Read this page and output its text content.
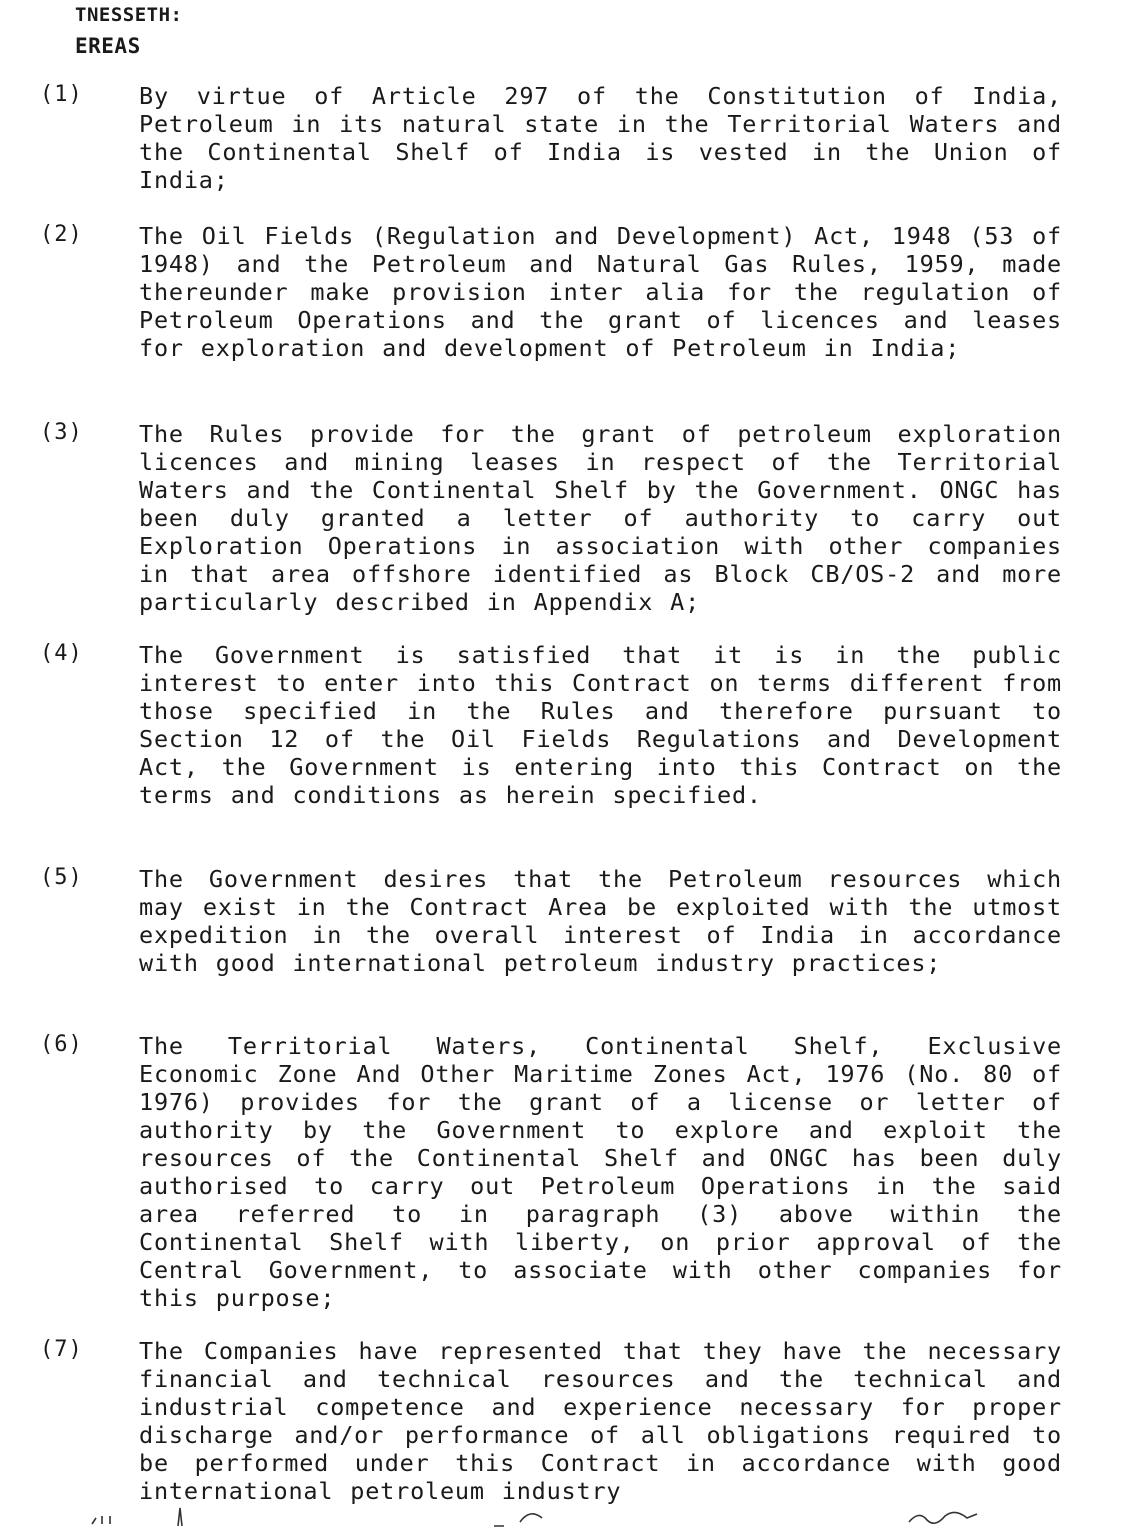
TNESSETH:
EREAS
(1)	By virtue of Article 297 of the Constitution of India, Petroleum in its natural state in the Territorial Waters and the Continental Shelf of India is vested in the Union of India;
(2)	The Oil Fields (Regulation and Development) Act, 1948 (53 of 1948) and the Petroleum and Natural Gas Rules, 1959, made thereunder make provision inter alia for the regulation of Petroleum Operations and the grant of licences and leases for exploration and development of Petroleum in India;
(3)	The Rules provide for the grant of petroleum exploration licences and mining leases in respect of the Territorial Waters and the Continental Shelf by the Government. ONGC has been duly granted a letter of authority to carry out Exploration Operations in association with other companies in that area offshore identified as Block CB/OS-2 and more particularly described in Appendix A;
(4)	The Government is satisfied that it is in the public interest to enter into this Contract on terms different from those specified in the Rules and therefore pursuant to Section 12 of the Oil Fields Regulations and Development Act, the Government is entering into this Contract on the terms and conditions as herein specified.
(5)	The Government desires that the Petroleum resources which may exist in the Contract Area be exploited with the utmost expedition in the overall interest of India in accordance with good international petroleum industry practices;
(6)	The Territorial Waters, Continental Shelf, Exclusive Economic Zone And Other Maritime Zones Act, 1976 (No. 80 of 1976) provides for the grant of a license or letter of authority by the Government to explore and exploit the resources of the Continental Shelf and ONGC has been duly authorised to carry out Petroleum Operations in the said area referred to in paragraph (3) above within the Continental Shelf with liberty, on prior approval of the Central Government, to associate with other companies for this purpose;
(7)	The Companies have represented that they have the necessary financial and technical resources and the technical and industrial competence and experience necessary for proper discharge and/or performance of all obligations required to be performed under this Contract in accordance with good international petroleum industry
